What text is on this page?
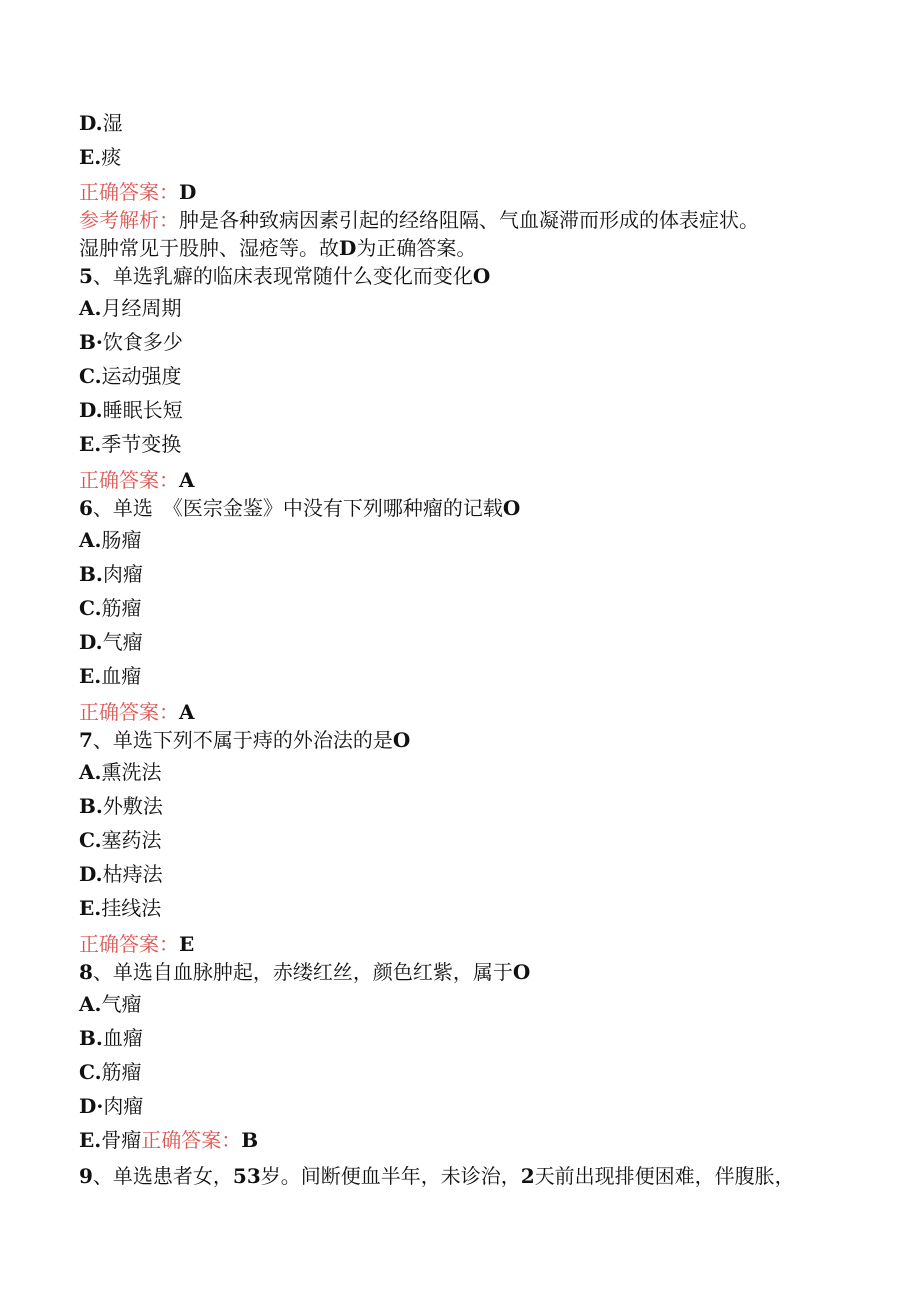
D.湿
E.痰
正确答案：D
参考解析：肿是各种致病因素引起的经络阻隔、气血凝滞而形成的体表症状。
湿肿常见于股肿、湿疮等。故D为正确答案。
5、单选乳癖的临床表现常随什么变化而变化O
A.月经周期
B·饮食多少
C.运动强度
D.睡眠长短
E.季节变换
正确答案：A
6、单选　《医宗金鉴》中没有下列哪种瘤的记载O
A.肠瘤
B.肉瘤
C.筋瘤
D.气瘤
E.血瘤
正确答案：A
7、单选下列不属于痔的外治法的是O
A.熏洗法
B.外敷法
C.塞药法
D.枯痔法
E.挂线法
正确答案：E
8、单选自血脉肿起，赤缕红丝，颜色红紫，属于O
A.气瘤
B.血瘤
C.筋瘤
D·肉瘤
E.骨瘤正确答案：B
9、单选患者女，53岁。间断便血半年，未诊治，2天前出现排便困难，伴腹胀，
